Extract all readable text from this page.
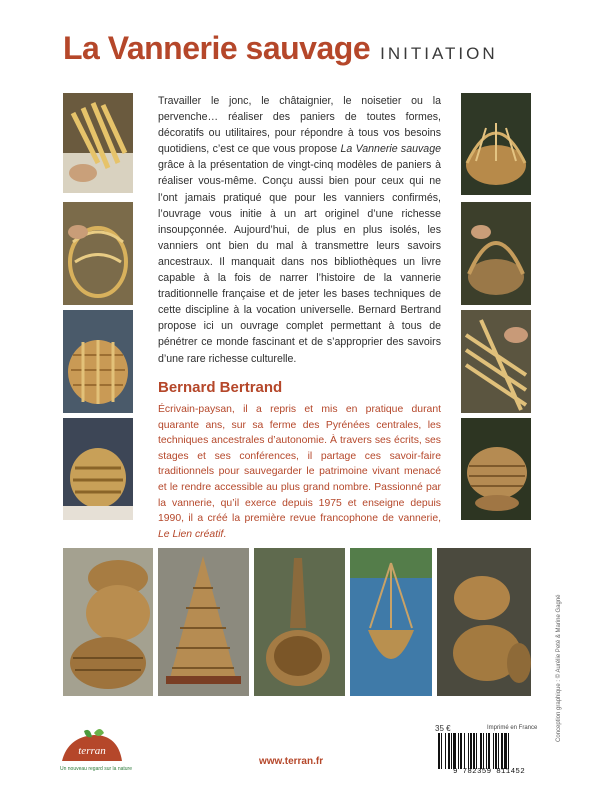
La Vannerie sauvage INITIATION
Travailler le jonc, le châtaignier, le noisetier ou la pervenche… réaliser des paniers de toutes formes, décoratifs ou utilitaires, pour répondre à tous vos besoins quotidiens, c’est ce que vous propose La Vannerie sauvage grâce à la présentation de vingt-cinq modèles de paniers à réaliser vous-même. Conçu aussi bien pour ceux qui ne l’ont jamais pratiqué que pour les vanniers confirmés, l’ouvrage vous initie à un art originel d’une richesse insoupçonnée. Aujourd’hui, de plus en plus isolés, les vanniers ont bien du mal à transmettre leurs savoirs ancestraux. Il manquait dans nos bibliothèques un livre capable à la fois de narrer l’histoire de la vannerie traditionnelle française et de jeter les bases techniques de cette discipline à la vocation universelle. Bernard Bertrand propose ici un ouvrage complet permettant à tous de pénétrer ce monde fascinant et de s’approprier des savoirs d’une rare richesse culturelle.
Bernard Bertrand
Écrivain-paysan, il a repris et mis en pratique durant quarante ans, sur sa ferme des Pyrénées centrales, les techniques ancestrales d’autonomie. À travers ses écrits, ses stages et ses conférences, il partage ces savoir-faire traditionnels pour sauvegarder le patrimoine vivant menacé et le rendre accessible au plus grand nombre. Passionné par la vannerie, qu’il exerce depuis 1975 et enseigne depuis 1990, il a créé la première revue francophone de vannerie, Le Lien créatif.
Conception graphique : © Aurélie Peté & Marine Gagné
terran
Un nouveau regard sur la nature
www.terran.fr
35 €	Imprimé en France
9 782359 811452
